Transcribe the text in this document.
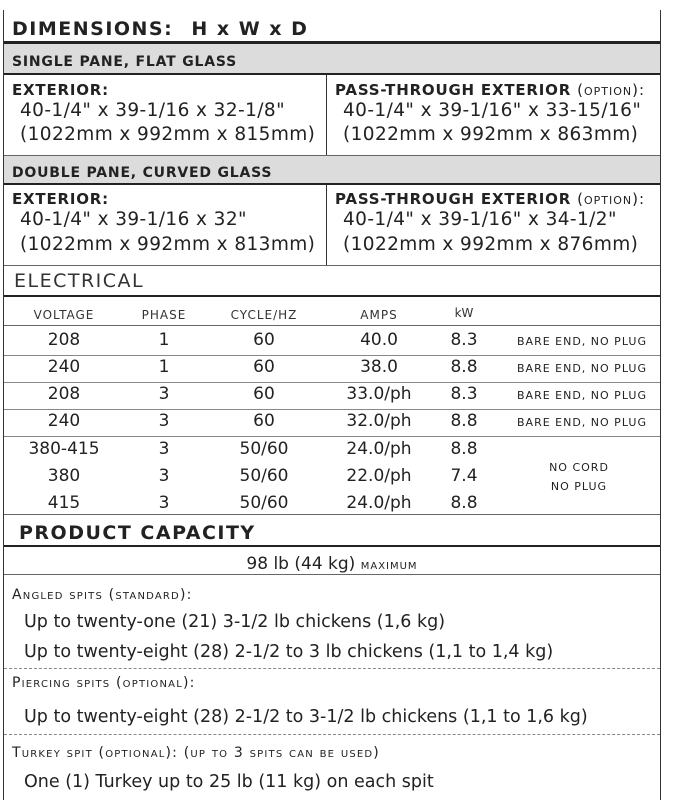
DIMENSIONS: H x W x D
SINGLE PANE, FLAT GLASS
EXTERIOR:
40-1/4" x 39-1/16 x 32-1/8"
(1022mm x 992mm x 815mm)
PASS-THROUGH EXTERIOR (option):
40-1/4" x 39-1/16" x 33-15/16"
(1022mm x 992mm x 863mm)
DOUBLE PANE, CURVED GLASS
EXTERIOR:
40-1/4" x 39-1/16 x 32"
(1022mm x 992mm x 813mm)
PASS-THROUGH EXTERIOR (option):
40-1/4" x 39-1/16" x 34-1/2"
(1022mm x 992mm x 876mm)
ELECTRICAL
VOLTAGE	PHASE	CYCLE/HZ	AMPS	kW
208	1	60	40.0	8.3	BARE END, NO PLUG
240	1	60	38.0	8.8	BARE END, NO PLUG
208	3	60	33.0/ph	8.3	BARE END, NO PLUG
240	3	60	32.0/ph	8.8	BARE END, NO PLUG
380-415	3	50/60	24.0/ph	8.8
380	3	50/60	22.0/ph	7.4
415	3	50/60	24.0/ph	8.8
NO CORD
NO PLUG
PRODUCT CAPACITY
98 lb (44 kg) maximum
Angled spits (standard):
Up to twenty-one (21) 3-1/2 lb chickens (1,6 kg)
Up to twenty-eight (28) 2-1/2 to 3 lb chickens (1,1 to 1,4 kg)
Piercing spits (optional):
Up to twenty-eight (28) 2-1/2 to 3-1/2 lb chickens (1,1 to 1,6 kg)
Turkey spit (optional): (up to 3 spits can be used)
One (1) Turkey up to 25 lb (11 kg) on each spit
